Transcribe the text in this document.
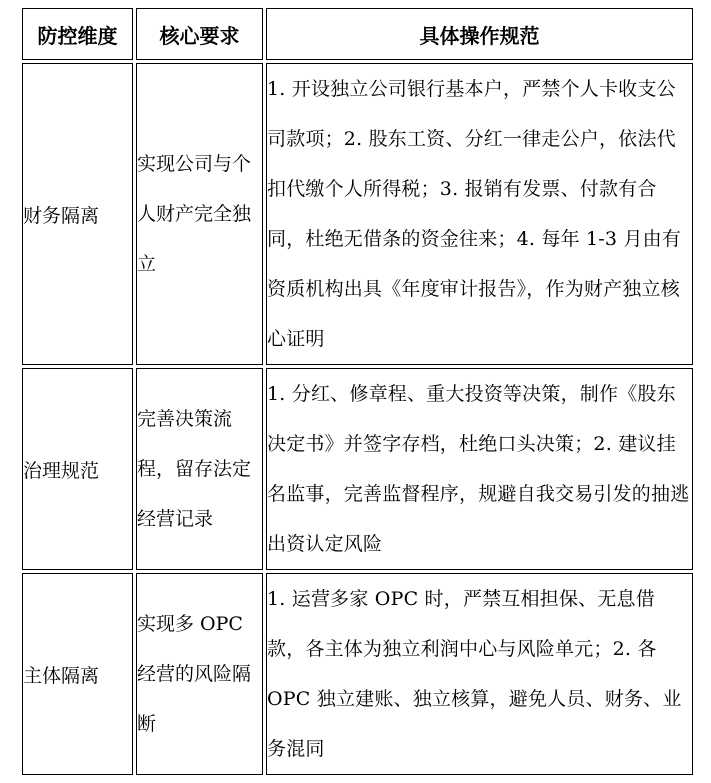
防控维度	核心要求	具体操作规范
财务隔离	实现公司与个人财产完全独立	1. 开设独立公司银行基本户，严禁个人卡收支公司款项；2. 股东工资、分红一律走公户，依法代扣代缴个人所得税；3. 报销有发票、付款有合同，杜绝无借条的资金往来；4. 每年 1-3 月由有资质机构出具《年度审计报告》，作为财产独立核心证明
治理规范	完善决策流程，留存法定经营记录	1. 分红、修章程、重大投资等决策，制作《股东决定书》并签字存档，杜绝口头决策；2. 建议挂名监事，完善监督程序，规避自我交易引发的抽逃出资认定风险
主体隔离	实现多 OPC 经营的风险隔断	1. 运营多家 OPC 时，严禁互相担保、无息借款，各主体为独立利润中心与风险单元；2. 各 OPC 独立建账、独立核算，避免人员、财务、业务混同
